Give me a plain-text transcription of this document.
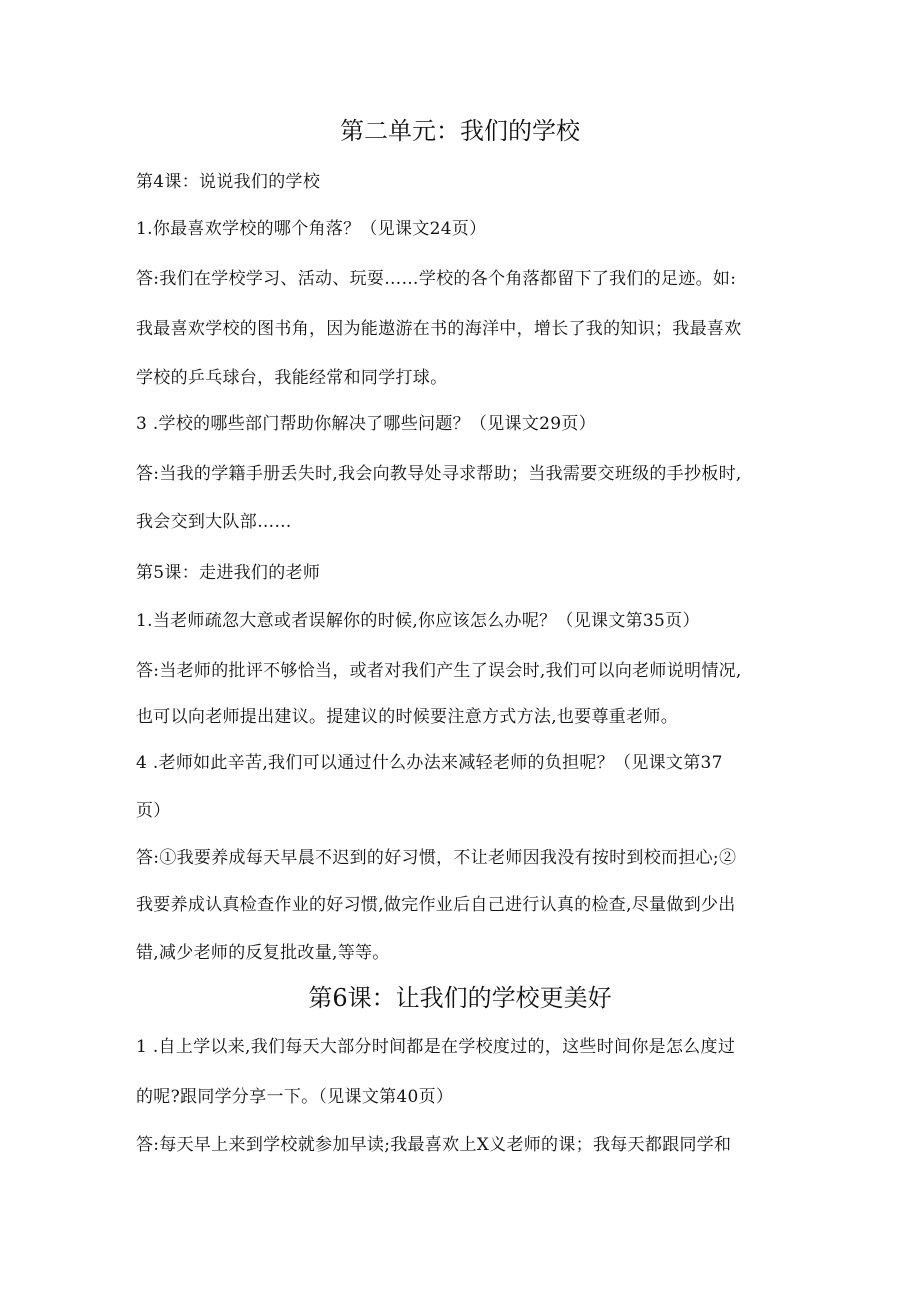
第二单元：我们的学校
第4课：说说我们的学校
1.你最喜欢学校的哪个角落？（见课文24页）
答:我们在学校学习、活动、玩耍……学校的各个角落都留下了我们的足迹。如:
我最喜欢学校的图书角，因为能遨游在书的海洋中，增长了我的知识；我最喜欢
学校的乒乓球台，我能经常和同学打球。
3 .学校的哪些部门帮助你解决了哪些问题？（见课文29页）
答:当我的学籍手册丢失时,我会向教导处寻求帮助；当我需要交班级的手抄板时,
我会交到大队部……
第5课：走进我们的老师
1.当老师疏忽大意或者误解你的时候,你应该怎么办呢？（见课文第35页）
答:当老师的批评不够恰当，或者对我们产生了误会时,我们可以向老师说明情况,
也可以向老师提出建议。提建议的时候要注意方式方法,也要尊重老师。
4 .老师如此辛苦,我们可以通过什么办法来减轻老师的负担呢？（见课文第37
页）
答:①我要养成每天早晨不迟到的好习惯，不让老师因我没有按时到校而担心;②
我要养成认真检查作业的好习惯,做完作业后自己进行认真的检查,尽量做到少出
错,减少老师的反复批改量,等等。
第6课：让我们的学校更美好
1 .自上学以来,我们每天大部分时间都是在学校度过的，这些时间你是怎么度过
的呢?跟同学分享一下。（见课文第40页）
答:每天早上来到学校就参加早读;我最喜欢上X义老师的课；我每天都跟同学和
